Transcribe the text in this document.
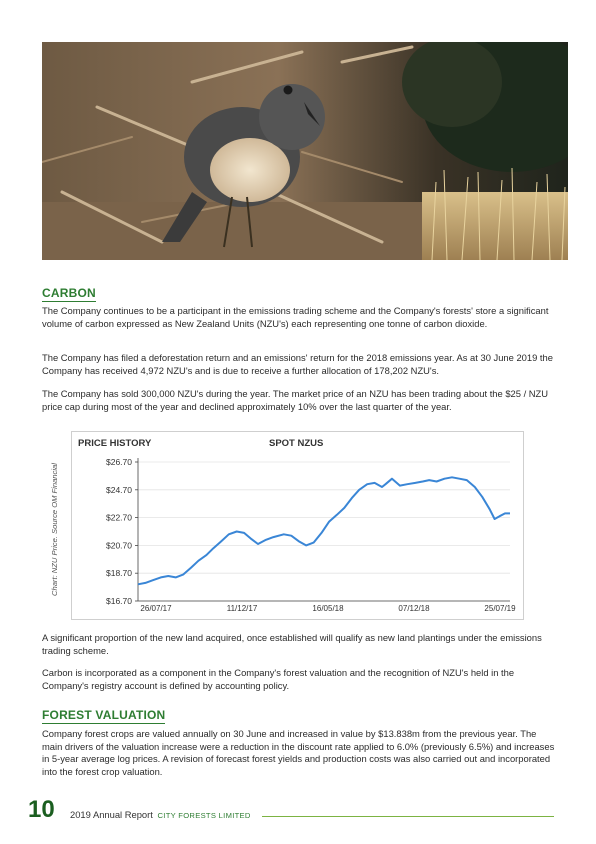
CARBON

The Company continues to be a participant in the emissions trading scheme and the Company's forests' store a significant volume of carbon expressed as New Zealand Units (NZU's) each representing one tonne of carbon dioxide.

The Company has filed a deforestation return and an emissions' return for the 2018 emissions year. As at 30 June 2019 the Company has received 4,972 NZU's and is due to receive a further allocation of 178,202 NZU's.

The Company has sold 300,000 NZU's during the year. The market price of an NZU has been trading about the $25 / NZU price cap during most of the year and declined approximately 10% over the last quarter of the year.

Chart: NZU Price. Source OM Financial
PRICE HISTORY	SPOT NZUS
$26.70
$24.70
$22.70
$20.70
$18.70
$16.70
26/07/17	11/12/17	16/05/18	07/12/18	25/07/19

A significant proportion of the new land acquired, once established will qualify as new land plantings under the emissions trading scheme.

Carbon is incorporated as a component in the Company's forest valuation and the recognition of NZU's held in the Company's registry account is defined by accounting policy.

FOREST VALUATION

Company forest crops are valued annually on 30 June and increased in value by $13.838m from the previous year. The main drivers of the valuation increase were a reduction in the discount rate applied to 6.0% (previously 6.5%) and increases in 5-year average log prices. A revision of forecast forest yields and production costs was also carried out and incorporated into the forest crop valuation.

10 2019 Annual Report CITY FORESTS LIMITED
